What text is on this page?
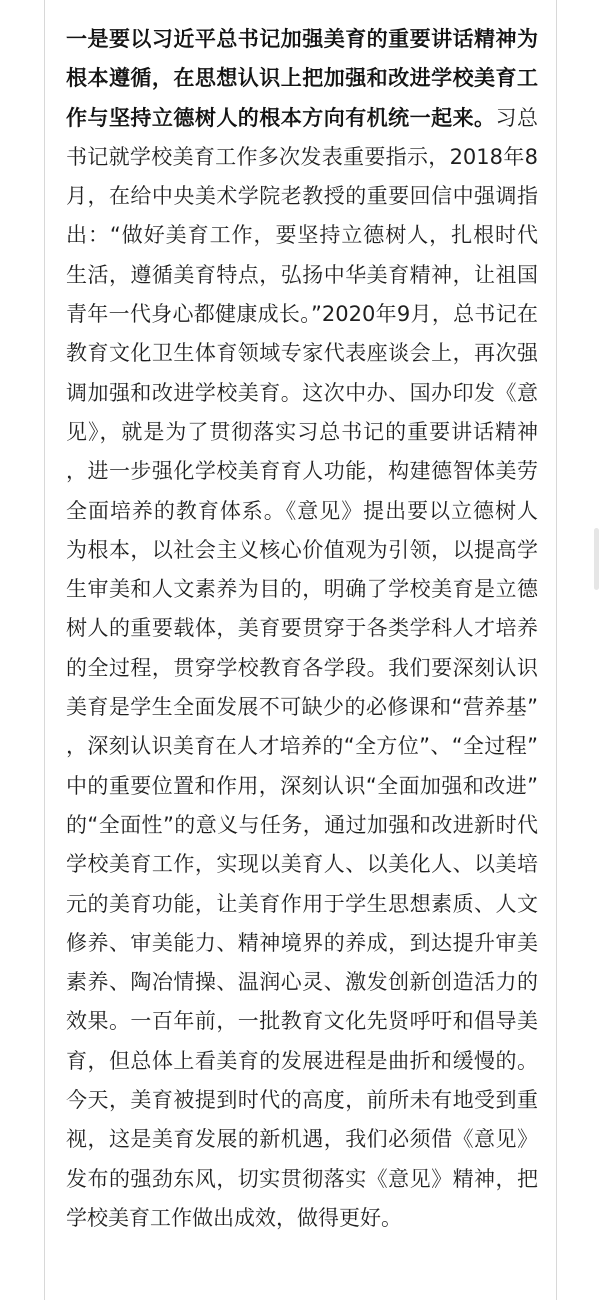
一是要以习近平总书记加强美育的重要讲话精神为根本遵循，在思想认识上把加强和改进学校美育工作与坚持立德树人的根本方向有机统一起来。习总书记就学校美育工作多次发表重要指示，2018年8月，在给中央美术学院老教授的重要回信中强调指出：“做好美育工作，要坚持立德树人，扎根时代生活，遵循美育特点，弘扬中华美育精神，让祖国青年一代身心都健康成长。”2020年9月，总书记在教育文化卫生体育领域专家代表座谈会上，再次强调加强和改进学校美育。这次中办、国办印发《意见》，就是为了贯彻落实习总书记的重要讲话精神，进一步强化学校美育育人功能，构建德智体美劳全面培养的教育体系。《意见》提出要以立德树人为根本，以社会主义核心价值观为引领，以提高学生审美和人文素养为目的，明确了学校美育是立德树人的重要载体，美育要贯穿于各类学科人才培养的全过程，贯穿学校教育各学段。我们要深刻认识美育是学生全面发展不可缺少的必修课和“营养基”，深刻认识美育在人才培养的“全方位”、“全过程”中的重要位置和作用，深刻认识“全面加强和改进”的“全面性”的意义与任务，通过加强和改进新时代学校美育工作，实现以美育人、以美化人、以美培元的美育功能，让美育作用于学生思想素质、人文修养、审美能力、精神境界的养成，到达提升审美素养、陶冶情操、温润心灵、激发创新创造活力的效果。一百年前，一批教育文化先贤呼吁和倡导美育，但总体上看美育的发展进程是曲折和缓慢的。今天，美育被提到时代的高度，前所未有地受到重视，这是美育发展的新机遇，我们必须借《意见》发布的强劲东风，切实贯彻落实《意见》精神，把学校美育工作做出成效，做得更好。
